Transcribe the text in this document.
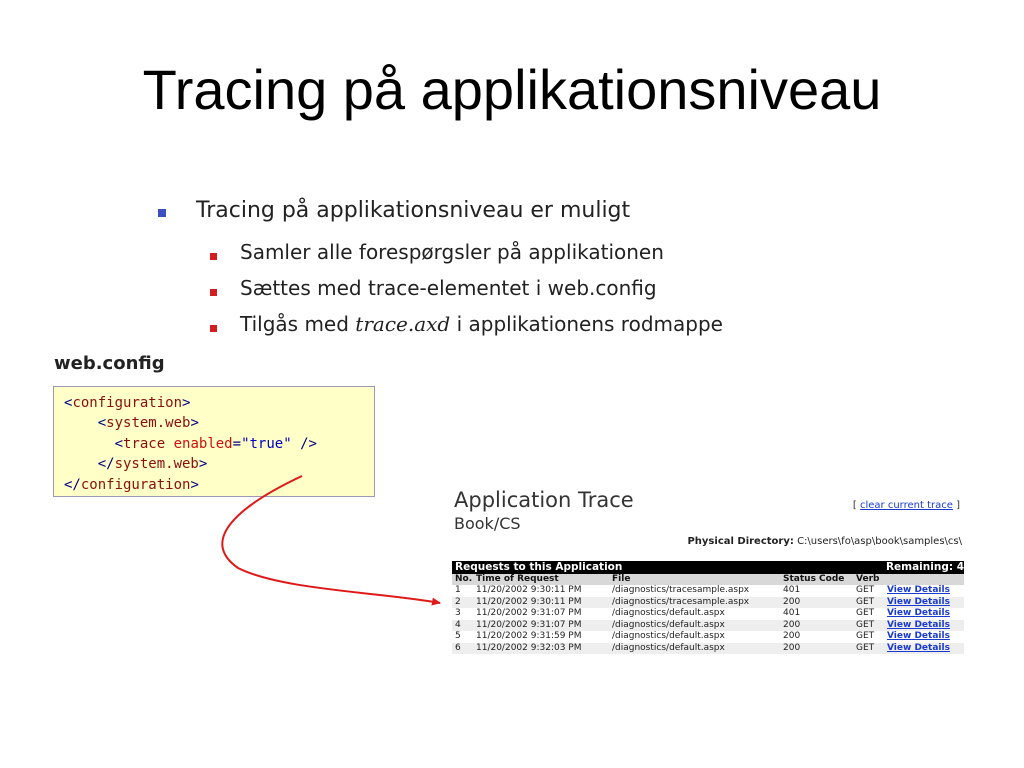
Tracing på applikationsniveau
Tracing på applikationsniveau er muligt
Samler alle forespørgsler på applikationen
Sættes med trace-elementet i web.config
Tilgås med trace.axd i applikationens rodmappe
web.config
<configuration>
<system.web>
<trace enabled="true" />
</system.web>
</configuration>
Application Trace
Book/CS
[ clear current trace ]
Physical Directory: C:\users\fo\asp\book\samples\cs\
Requests to this Application	Remaining: 4
No. Time of Request	File	Status Code Verb
1 11/20/2002 9:30:11 PM	/diagnostics/tracesample.aspx	401	GET View Details
2 11/20/2002 9:30:11 PM	/diagnostics/tracesample.aspx	200	GET View Details
3 11/20/2002 9:31:07 PM	/diagnostics/default.aspx	401	GET View Details
4 11/20/2002 9:31:07 PM	/diagnostics/default.aspx	200	GET View Details
5 11/20/2002 9:31:59 PM	/diagnostics/default.aspx	200	GET View Details
6 11/20/2002 9:32:03 PM	/diagnostics/default.aspx	200	GET View Details
